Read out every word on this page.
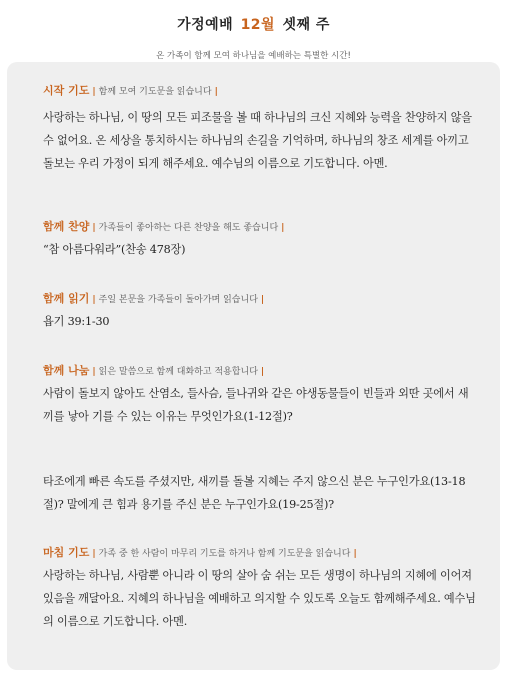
가정예배 12월 셋째 주
온 가족이 함께 모여 하나님을 예배하는 특별한 시간!
시작 기도 | 함께 모여 기도문을 읽습니다 |
사랑하는 하나님, 이 땅의 모든 피조물을 볼 때 하나님의 크신 지혜와 능력을 찬양하지 않을 수 없어요. 온 세상을 통치하시는 하나님의 손길을 기억하며, 하나님의 창조 세계를 아끼고 돌보는 우리 가정이 되게 해주세요. 예수님의 이름으로 기도합니다. 아멘.
함께 찬양 | 가족들이 좋아하는 다른 찬양을 해도 좋습니다 |
“참 아름다워라”(찬송 478장)
함께 읽기 | 주일 본문을 가족들이 돌아가며 읽습니다 |
욥기 39:1-30
함께 나눔 | 읽은 말씀으로 함께 대화하고 적용합니다 |
사람이 돌보지 않아도 산염소, 들사슴, 들나귀와 같은 야생동물들이 빈들과 외딴 곳에서 새끼를 낳아 기를 수 있는 이유는 무엇인가요(1-12절)?
타조에게 빠른 속도를 주셨지만, 새끼를 돌볼 지혜는 주지 않으신 분은 누구인가요(13-18절)? 말에게 큰 힘과 용기를 주신 분은 누구인가요(19-25절)?
마침 기도 | 가족 중 한 사람이 마무리 기도를 하거나 함께 기도문을 읽습니다 |
사랑하는 하나님, 사람뿐 아니라 이 땅의 살아 숨 쉬는 모든 생명이 하나님의 지혜에 이어져 있음을 깨달아요. 지혜의 하나님을 예배하고 의지할 수 있도록 오늘도 함께해주세요. 예수님의 이름으로 기도합니다. 아멘.
